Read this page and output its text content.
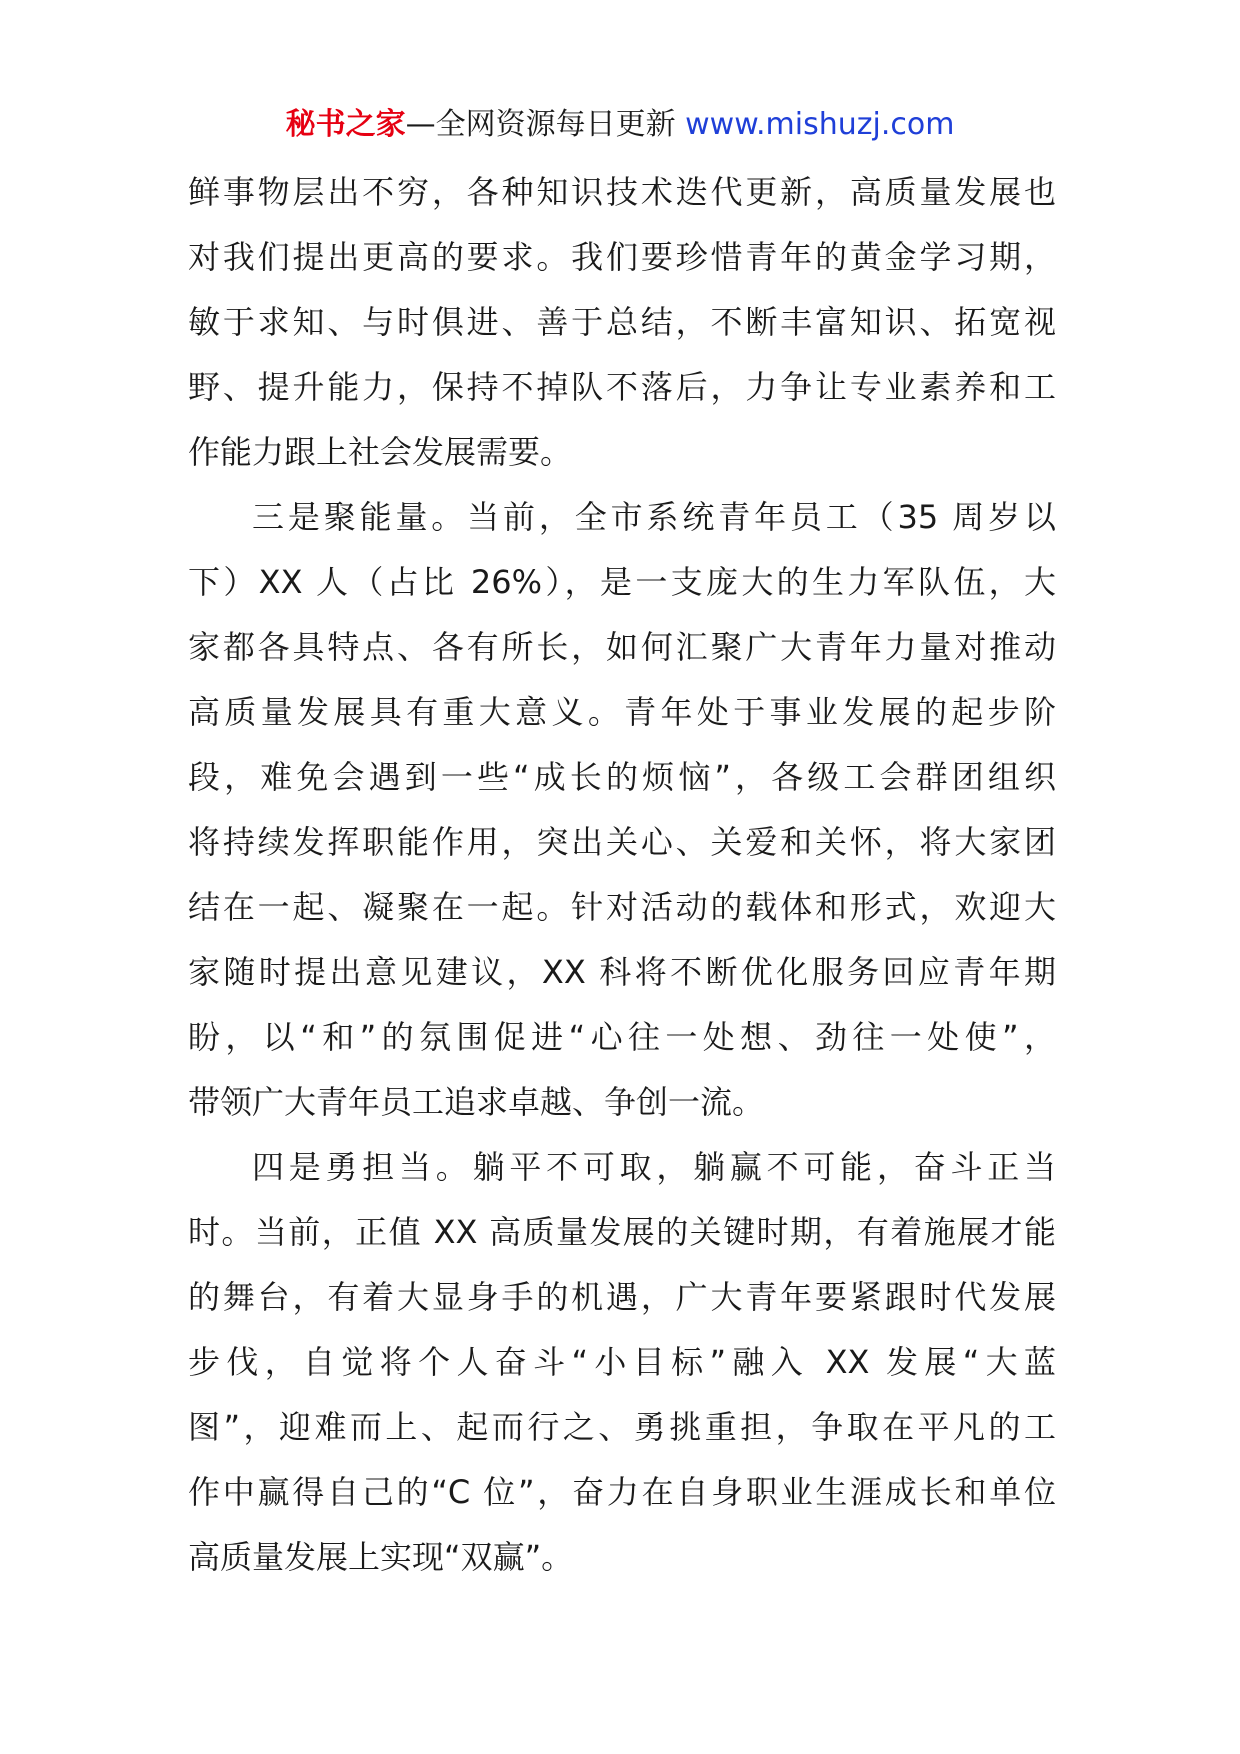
秘书之家—全网资源每日更新 www.mishuzj.com
鲜事物层出不穷，各种知识技术迭代更新，高质量发展也
对我们提出更高的要求。我们要珍惜青年的黄金学习期，
敏于求知、与时俱进、善于总结，不断丰富知识、拓宽视
野、提升能力，保持不掉队不落后，力争让专业素养和工
作能力跟上社会发展需要。
三是聚能量。当前，全市系统青年员工（35 周岁以
下）XX 人（占比 26%），是一支庞大的生力军队伍，大
家都各具特点、各有所长，如何汇聚广大青年力量对推动
高质量发展具有重大意义。青年处于事业发展的起步阶
段，难免会遇到一些“成长的烦恼”，各级工会群团组织
将持续发挥职能作用，突出关心、关爱和关怀，将大家团
结在一起、凝聚在一起。针对活动的载体和形式，欢迎大
家随时提出意见建议，XX 科将不断优化服务回应青年期
盼，以“和”的氛围促进“心往一处想、劲往一处使”，
带领广大青年员工追求卓越、争创一流。
四是勇担当。躺平不可取，躺赢不可能，奋斗正当
时。当前，正值 XX 高质量发展的关键时期，有着施展才能
的舞台，有着大显身手的机遇，广大青年要紧跟时代发展
步伐，自觉将个人奋斗“小目标”融入 XX 发展“大蓝
图”，迎难而上、起而行之、勇挑重担，争取在平凡的工
作中赢得自己的“C 位”，奋力在自身职业生涯成长和单位
高质量发展上实现“双赢”。
